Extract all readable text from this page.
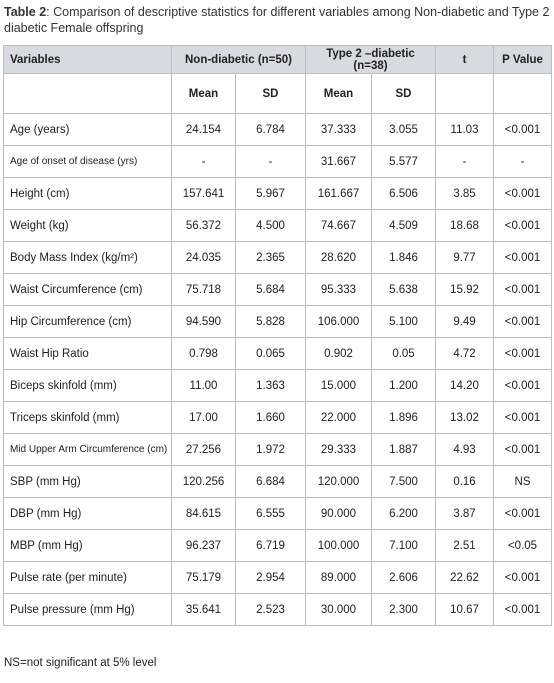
Table 2: Comparison of descriptive statistics for different variables among Non-diabetic and Type 2 diabetic Female offspring
Variables	Non-diabetic (n=50)		Type 2 –diabetic (n=38)		t	P Value
	Mean	SD	Mean	SD		
Age (years)	24.154	6.784	37.333	3.055	11.03	<0.001
Age of onset of disease (yrs)	-	-	31.667	5.577	-	-
Height (cm)	157.641	5.967	161.667	6.506	3.85	<0.001
Weight (kg)	56.372	4.500	74.667	4.509	18.68	<0.001
Body Mass Index (kg/m²)	24.035	2.365	28.620	1.846	9.77	<0.001
Waist Circumference (cm)	75.718	5.684	95.333	5.638	15.92	<0.001
Hip Circumference (cm)	94.590	5.828	106.000	5.100	9.49	<0.001
Waist Hip Ratio	0.798	0.065	0.902	0.05	4.72	<0.001
Biceps skinfold (mm)	11.00	1.363	15.000	1.200	14.20	<0.001
Triceps skinfold (mm)	17.00	1.660	22.000	1.896	13.02	<0.001
Mid Upper Arm Circumference (cm)	27.256	1.972	29.333	1.887	4.93	<0.001
SBP (mm Hg)	120.256	6.684	120.000	7.500	0.16	NS
DBP (mm Hg)	84.615	6.555	90.000	6.200	3.87	<0.001
MBP (mm Hg)	96.237	6.719	100.000	7.100	2.51	<0.05
Pulse rate (per minute)	75.179	2.954	89.000	2.606	22.62	<0.001
Pulse pressure (mm Hg)	35.641	2.523	30.000	2.300	10.67	<0.001
NS=not significant at 5% level
